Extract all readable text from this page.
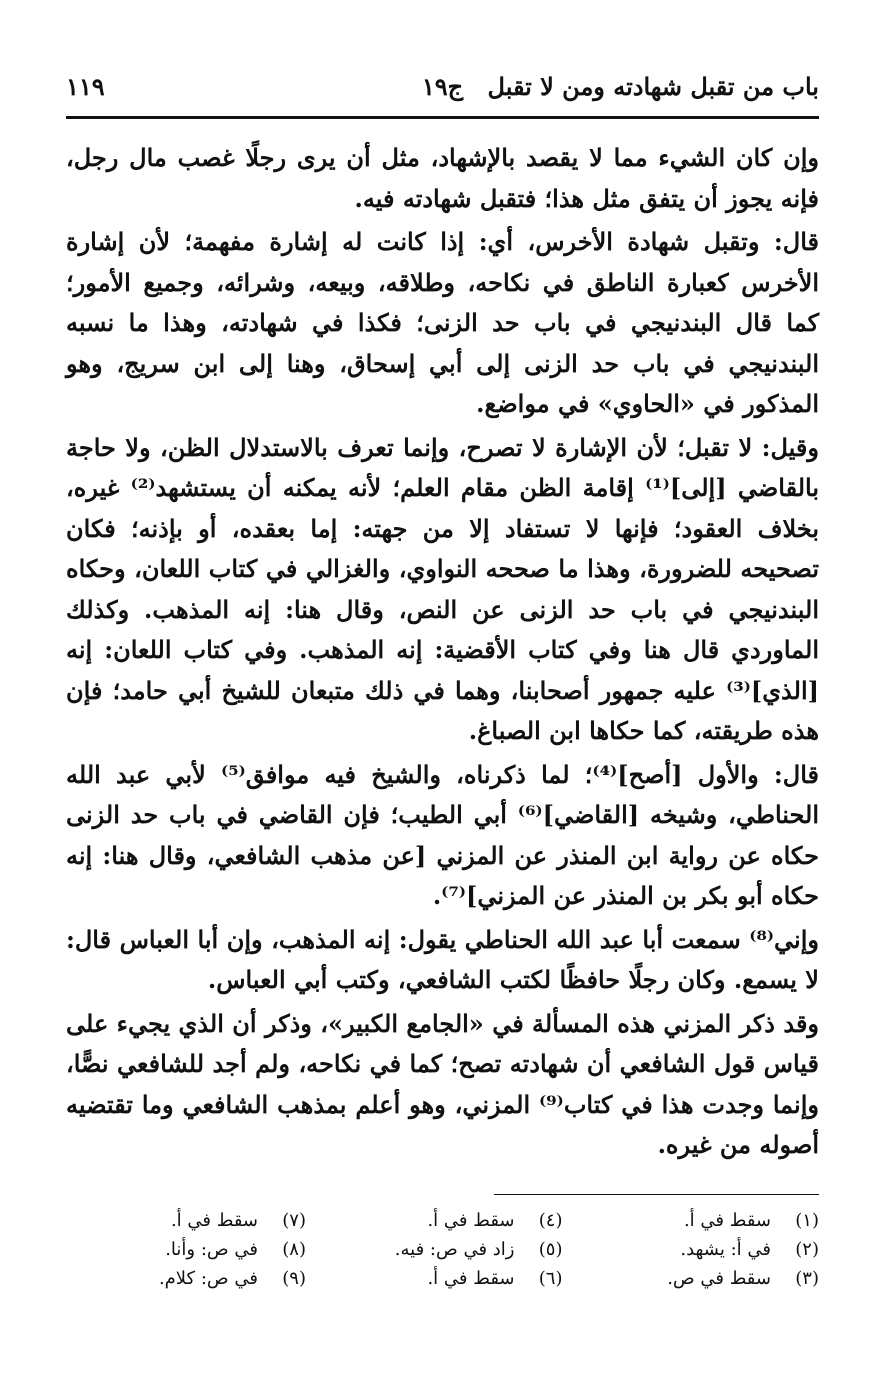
باب من تقبل شهادته ومن لا تقبل
ج١٩
١١٩

وإن كان الشيء مما لا يقصد بالإشهاد، مثل أن يرى رجلًا غصب مال رجل، فإنه يجوز أن يتفق مثل هذا؛ فتقبل شهادته فيه.

قال: وتقبل شهادة الأخرس، أي: إذا كانت له إشارة مفهمة؛ لأن إشارة الأخرس كعبارة الناطق في نكاحه، وطلاقه، وبيعه، وشرائه، وجميع الأمور؛ كما قال البندنيجي في باب حد الزنى؛ فكذا في شهادته، وهذا ما نسبه البندنيجي في باب حد الزنى إلى أبي إسحاق، وهنا إلى ابن سريج، وهو المذكور في «الحاوي» في مواضع.

وقيل: لا تقبل؛ لأن الإشارة لا تصرح، وإنما تعرف بالاستدلال الظن، ولا حاجة بالقاضي [إلى]⁽¹⁾ إقامة الظن مقام العلم؛ لأنه يمكنه أن يستشهد⁽²⁾ غيره، بخلاف العقود؛ فإنها لا تستفاد إلا من جهته: إما بعقده، أو بإذنه؛ فكان تصحيحه للضرورة، وهذا ما صححه النواوي، والغزالي في كتاب اللعان، وحكاه البندنيجي في باب حد الزنى عن النص، وقال هنا: إنه المذهب. وكذلك الماوردي قال هنا وفي كتاب الأقضية: إنه المذهب. وفي كتاب اللعان: إنه [الذي]⁽³⁾ عليه جمهور أصحابنا، وهما في ذلك متبعان للشيخ أبي حامد؛ فإن هذه طريقته، كما حكاها ابن الصباغ.

قال: والأول [أصح]⁽⁴⁾؛ لما ذكرناه، والشيخ فيه موافق⁽⁵⁾ لأبي عبد الله الحناطي، وشيخه [القاضي]⁽⁶⁾ أبي الطيب؛ فإن القاضي في باب حد الزنى حكاه عن رواية ابن المنذر عن المزني [عن مذهب الشافعي، وقال هنا: إنه حكاه أبو بكر بن المنذر عن المزني]⁽⁷⁾.

وإني⁽⁸⁾ سمعت أبا عبد الله الحناطي يقول: إنه المذهب، وإن أبا العباس قال: لا يسمع. وكان رجلًا حافظًا لكتب الشافعي، وكتب أبي العباس.

وقد ذكر المزني هذه المسألة في «الجامع الكبير»، وذكر أن الذي يجيء على قياس قول الشافعي أن شهادته تصح؛ كما في نكاحه، ولم أجد للشافعي نصًّا، وإنما وجدت هذا في كتاب⁽⁹⁾ المزني، وهو أعلم بمذهب الشافعي وما تقتضيه أصوله من غيره.

(١)
سقط في أ.
(٢)
في أ: يشهد.
(٣)
سقط في ص.
(٤)
سقط في أ.
(٥)
زاد في ص: فيه.
(٦)
سقط في أ.
(٧)
سقط في أ.
(٨)
في ص: وأنا.
(٩)
في ص: كلام.
